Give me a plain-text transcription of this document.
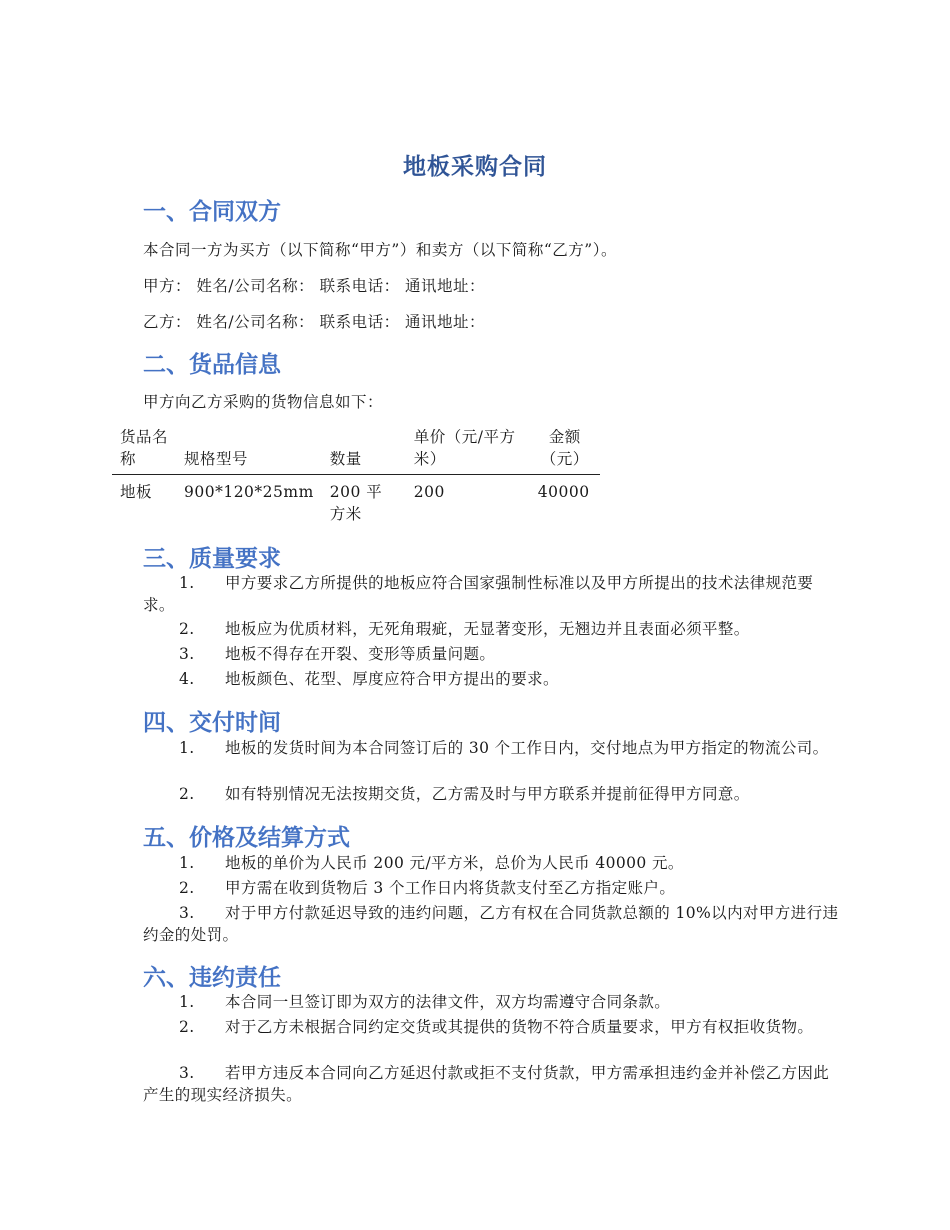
地板采购合同
一、合同双方
本合同一方为买方（以下简称“甲方”）和卖方（以下简称“乙方”）。
甲方： 姓名/公司名称： 联系电话： 通讯地址：
乙方： 姓名/公司名称： 联系电话： 通讯地址：
二、货品信息
甲方向乙方采购的货物信息如下：
货品名称	规格型号	数量	单价（元/平方米）	金额（元）
地板	900*120*25mm	200 平方米	200	40000
三、质量要求
1. 甲方要求乙方所提供的地板应符合国家强制性标准以及甲方所提出的技术法律规范要求。
2. 地板应为优质材料，无死角瑕疵，无显著变形，无翘边并且表面必须平整。
3. 地板不得存在开裂、变形等质量问题。
4. 地板颜色、花型、厚度应符合甲方提出的要求。
四、交付时间
1. 地板的发货时间为本合同签订后的 30 个工作日内，交付地点为甲方指定的物流公司。
2. 如有特别情况无法按期交货，乙方需及时与甲方联系并提前征得甲方同意。
五、价格及结算方式
1. 地板的单价为人民币 200 元/平方米，总价为人民币 40000 元。
2. 甲方需在收到货物后 3 个工作日内将货款支付至乙方指定账户。
3. 对于甲方付款延迟导致的违约问题，乙方有权在合同货款总额的 10%以内对甲方进行违约金的处罚。
六、违约责任
1. 本合同一旦签订即为双方的法律文件，双方均需遵守合同条款。
2. 对于乙方未根据合同约定交货或其提供的货物不符合质量要求，甲方有权拒收货物。
3. 若甲方违反本合同向乙方延迟付款或拒不支付货款，甲方需承担违约金并补偿乙方因此产生的现实经济损失。
